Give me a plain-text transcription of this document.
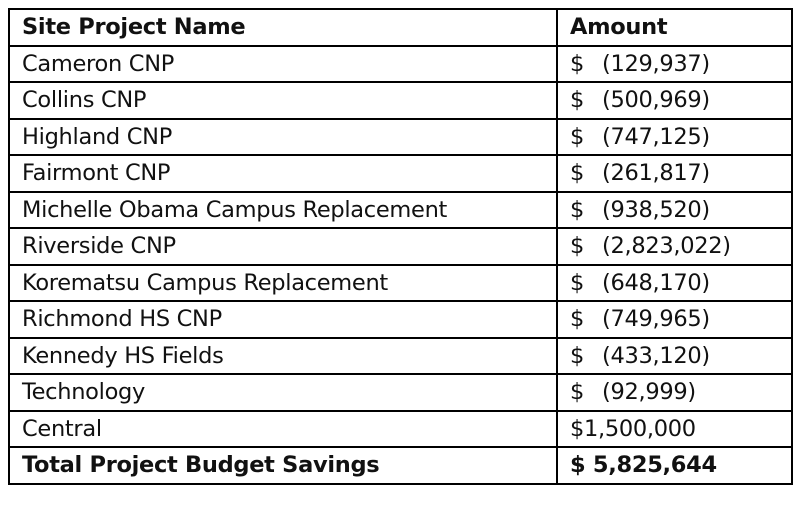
Site Project Name	Amount
Cameron CNP	$ (129,937)
Collins CNP	$ (500,969)
Highland CNP	$ (747,125)
Fairmont CNP	$ (261,817)
Michelle Obama Campus Replacement	$ (938,520)
Riverside CNP	$ (2,823,022)
Korematsu Campus Replacement	$ (648,170)
Richmond HS CNP	$ (749,965)
Kennedy HS Fields	$ (433,120)
Technology	$ (92,999)
Central	$1,500,000
Total Project Budget Savings	$ 5,825,644
